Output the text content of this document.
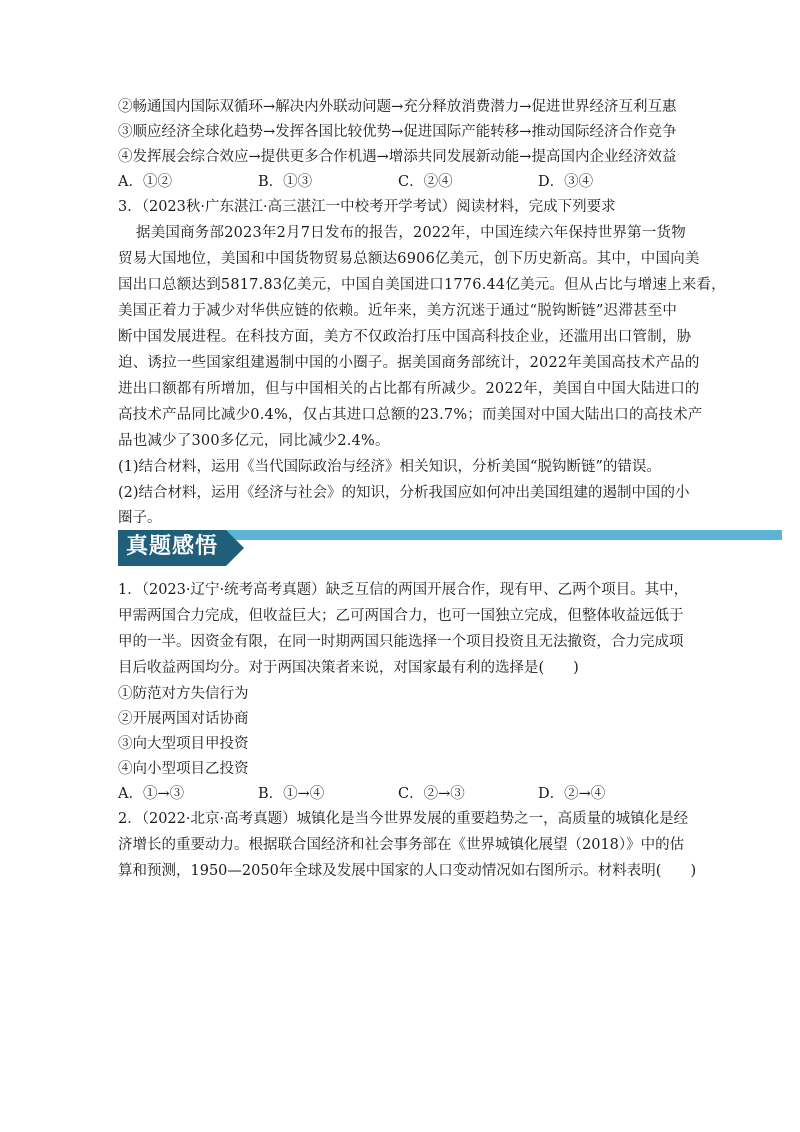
②畅通国内国际双循环→解决内外联动问题→充分释放消费潜力→促进世界经济互利互惠
③顺应经济全球化趋势→发挥各国比较优势→促进国际产能转移→推动国际经济合作竞争
④发挥展会综合效应→提供更多合作机遇→增添共同发展新动能→提高国内企业经济效益
A．①②	B．①③	C．②④	D．③④
3．（2023秋·广东湛江·高三湛江一中校考开学考试）阅读材料，完成下列要求
据美国商务部2023年2月7日发布的报告，2022年，中国连续六年保持世界第一货物
贸易大国地位，美国和中国货物贸易总额达6906亿美元，创下历史新高。其中，中国向美
国出口总额达到5817.83亿美元，中国自美国进口1776.44亿美元。但从占比与增速上来看，
美国正着力于减少对华供应链的依赖。近年来，美方沉迷于通过“脱钩断链”迟滞甚至中
断中国发展进程。在科技方面，美方不仅政治打压中国高科技企业，还滥用出口管制，胁
迫、诱拉一些国家组建遏制中国的小圈子。据美国商务部统计，2022年美国高技术产品的
进出口额都有所增加，但与中国相关的占比都有所减少。2022年，美国自中国大陆进口的
高技术产品同比减少0.4%，仅占其进口总额的23.7%；而美国对中国大陆出口的高技术产
品也减少了300多亿元，同比减少2.4%。
(1)结合材料，运用《当代国际政治与经济》相关知识，分析美国“脱钩断链”的错误。
(2)结合材料，运用《经济与社会》的知识，分析我国应如何冲出美国组建的遏制中国的小
圈子。
真题感悟
1．（2023·辽宁·统考高考真题）缺乏互信的两国开展合作，现有甲、乙两个项目。其中，
甲需两国合力完成，但收益巨大；乙可两国合力，也可一国独立完成，但整体收益远低于
甲的一半。因资金有限，在同一时期两国只能选择一个项目投资且无法撤资，合力完成项
目后收益两国均分。对于两国决策者来说，对国家最有利的选择是(　　)
①防范对方失信行为
②开展两国对话协商
③向大型项目甲投资
④向小型项目乙投资
A．①→③	B．①→④	C．②→③	D．②→④
2．（2022·北京·高考真题）城镇化是当今世界发展的重要趋势之一，高质量的城镇化是经
济增长的重要动力。根据联合国经济和社会事务部在《世界城镇化展望（2018）》中的估
算和预测，1950—2050年全球及发展中国家的人口变动情况如右图所示。材料表明(　　)
